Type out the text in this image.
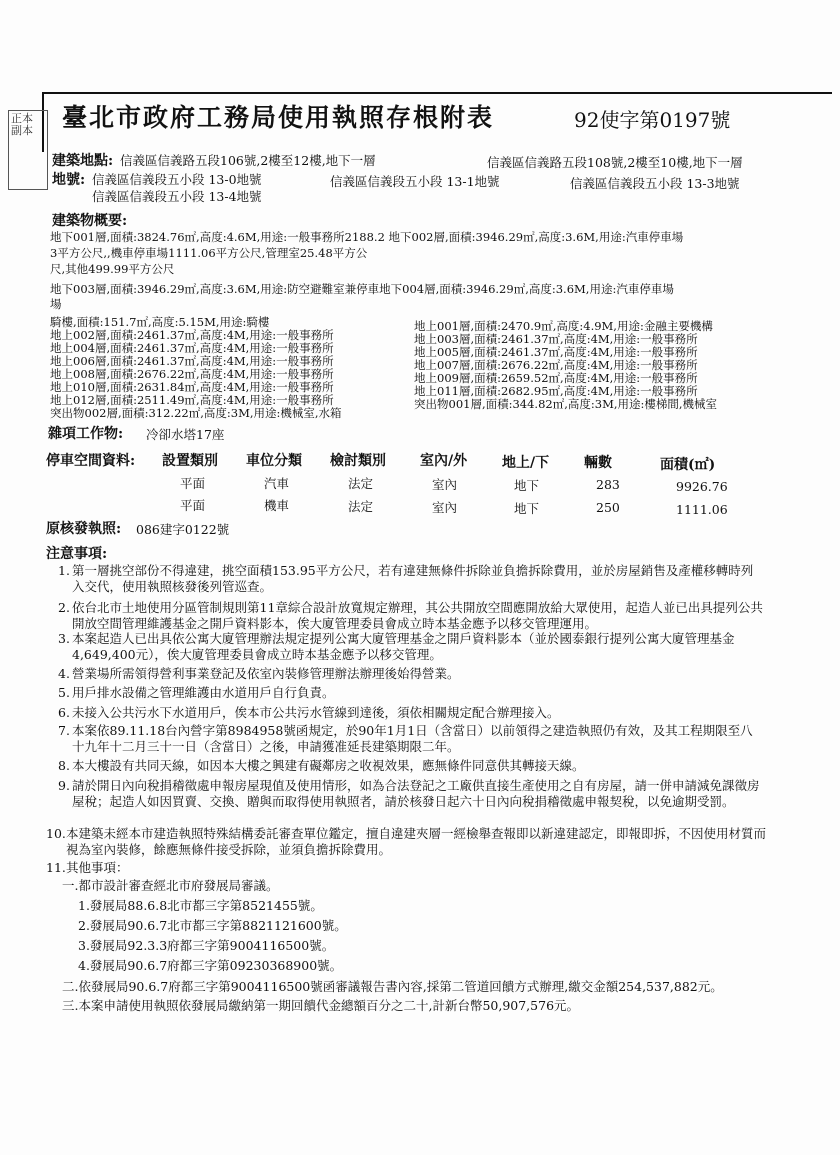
正本 副本	臺北市政府工務局使用執照存根附表	92使字第0197號
建築地點: 信義區信義路五段106號,2樓至12樓,地下一層	信義區信義路五段108號,2樓至10樓,地下一層
地號: 信義區信義段五小段 13-0地號	信義區信義段五小段 13-1地號	信義區信義段五小段 13-3地號
信義區信義段五小段 13-4地號
建築物概要:
地下001層,面積:3824.76㎡,高度:4.6M,用途:一般事務所2188.2 地下002層,面積:3946.29㎡,高度:3.6M,用途:汽車停車場
3平方公尺,,機車停車場1111.06平方公尺,管理室25.48平方公
尺,其他499.99平方公尺
地下003層,面積:3946.29㎡,高度:3.6M,用途:防空避難室兼停車地下004層,面積:3946.29㎡,高度:3.6M,用途:汽車停車場
場
騎樓,面積:151.7㎡,高度:5.15M,用途:騎樓
地上002層,面積:2461.37㎡,高度:4M,用途:一般事務所
地上004層,面積:2461.37㎡,高度:4M,用途:一般事務所
地上006層,面積:2461.37㎡,高度:4M,用途:一般事務所
地上008層,面積:2676.22㎡,高度:4M,用途:一般事務所
地上010層,面積:2631.84㎡,高度:4M,用途:一般事務所
地上012層,面積:2511.49㎡,高度:4M,用途:一般事務所
突出物002層,面積:312.22㎡,高度:3M,用途:機械室,水箱
地上001層,面積:2470.9㎡,高度:4.9M,用途:金融主要機構
地上003層,面積:2461.37㎡,高度:4M,用途:一般事務所
地上005層,面積:2461.37㎡,高度:4M,用途:一般事務所
地上007層,面積:2676.22㎡,高度:4M,用途:一般事務所
地上009層,面積:2659.52㎡,高度:4M,用途:一般事務所
地上011層,面積:2682.95㎡,高度:4M,用途:一般事務所
突出物001層,面積:344.82㎡,高度:3M,用途:樓梯間,機械室
雜項工作物: 冷卻水塔17座
停車空間資料: 設置類別 車位分類 檢討類別 室內/外 地上/下 輛數	面積(㎡)
平面	汽車	法定	室內	地下	283	9926.76
平面	機車	法定	室內	地下	250	1111.06
原核發執照: 086建字0122號
注意事項:
1. 第一層挑空部份不得違建，挑空面積153.95平方公尺，若有違建無條件拆除並負擔拆除費用，並於房屋銷售及產權移轉時列入交代，使用執照核發後列管巡查。
2. 依台北市土地使用分區管制規則第11章綜合設計放寬規定辦理，其公共開放空間應開放給大眾使用，起造人並已出具提列公共開放空間管理維護基金之開戶資料影本，俟大廈管理委員會成立時本基金應予以移交管理運用。
3. 本案起造人已出具依公寓大廈管理辦法規定提列公寓大廈管理基金之開戶資料影本（並於國泰銀行提列公寓大廈管理基金4,649,400元），俟大廈管理委員會成立時本基金應予以移交管理。
4. 營業場所需領得營利事業登記及依室內裝修管理辦法辦理後始得營業。
5. 用戶排水設備之管理維護由水道用戶自行負責。
6. 未接入公共污水下水道用戶，俟本市公共污水管線到達後，須依相關規定配合辦理接入。
7. 本案依89.11.18台內營字第8984958號函規定，於90年1月1日（含當日）以前領得之建造執照仍有效，及其工程期限至八十九年十二月三十一日（含當日）之後，申請獲准延長建築期限二年。
8. 本大樓設有共同天線，如因本大樓之興建有礙鄰房之收視效果，應無條件同意供其轉接天線。
9. 請於開日內向稅捐稽徵處申報房屋現值及使用情形，如為合法登記之工廠供直接生產使用之自有房屋，請一併申請減免課徵房屋稅；起造人如因買賣、交換、贈與而取得使用執照者，請於核發日起六十日內向稅捐稽徵處申報契稅，以免逾期受罰。
10. 本建築未經本市建造執照特殊結構委託審查單位鑑定，擅自違建夾層一經檢舉查報即以新違建認定，即報即拆，不因使用材質而視為室內裝修，餘應無條件接受拆除，並須負擔拆除費用。
11. 其他事項：
一.都市設計審查經北市府發展局審議。
1.發展局88.6.8北市都三字第8521455號。
2.發展局90.6.7北市都三字第8821121600號。
3.發展局92.3.3府都三字第9004116500號。
4.發展局90.6.7府都三字第09230368900號。
二.依發展局90.6.7府都三字第9004116500號函審議報告書內容,採第二管道回饋方式辦理,繳交金額254,537,882元。
三.本案申請使用執照依發展局繳納第一期回饋代金總額百分之二十,計新台幣50,907,576元。
